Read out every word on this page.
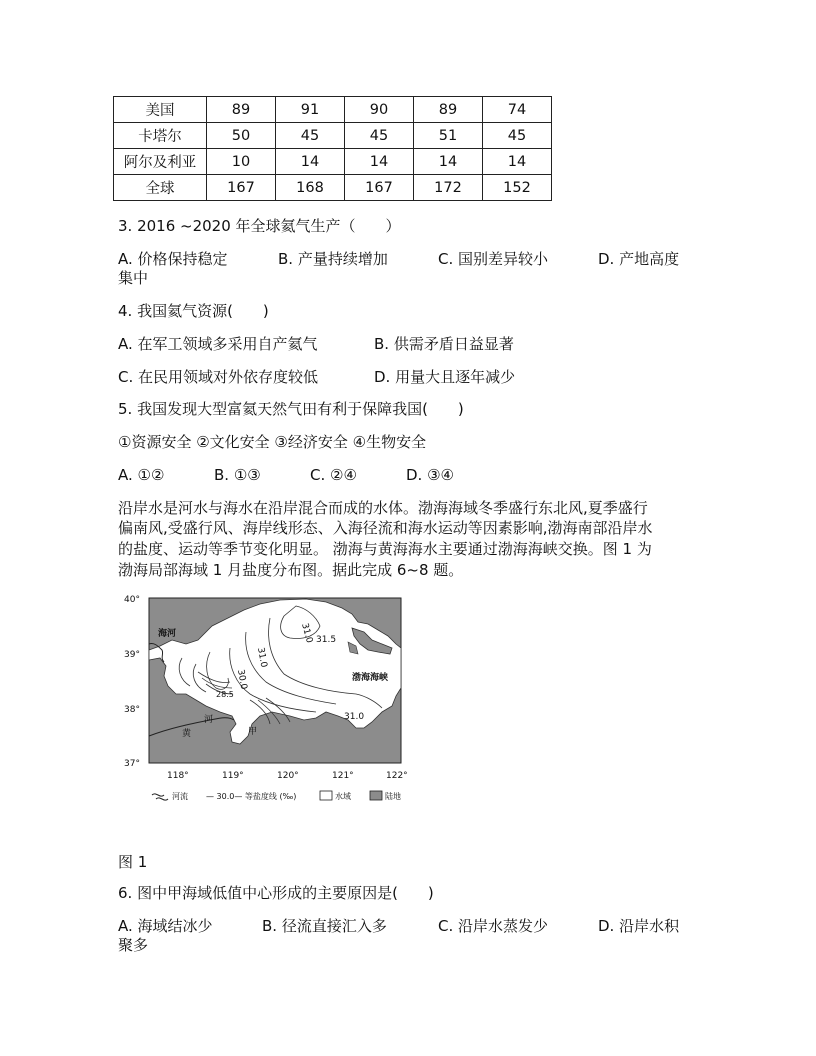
美国	89	91	90	89	74
卡塔尔	50	45	45	51	45
阿尔及利亚	10	14	14	14	14
全球	167	168	167	172	152
3. 2016 ~2020 年全球氦气生产（　　）
A. 价格保持稳定	B. 产量持续增加	C. 国别差异较小	D. 产地高度
集中
4. 我国氦气资源(　　)
A. 在军工领域多采用自产氦气	B. 供需矛盾日益显著
C. 在民用领域对外依存度较低	D. 用量大且逐年减少
5. 我国发现大型富氦天然气田有利于保障我国(　　)
①资源安全 ②文化安全 ③经济安全 ④生物安全
A. ①②	B. ①③	C. ②④	D. ③④
沿岸水是河水与海水在沿岸混合而成的水体。渤海海域冬季盛行东北风,夏季盛行
偏南风,受盛行风、海岸线形态、入海径流和海水运动等因素影响,渤海南部沿岸水
的盐度、运动等季节变化明显。 渤海与黄海海水主要通过渤海海峡交换。图 1 为
渤海局部海域 1 月盐度分布图。据此完成 6~8 题。
31.5
31.0
31.0
30.0
28.5
31.0
海河
渤海海峡
河
黄	甲
40°
39°
38°
37°
118°	119°	120°	121°	122°
河流 — 30.0— 等盐度线 (‰)	水域	陆地
图 1
6. 图中甲海域低值中心形成的主要原因是(　　)
A. 海域结冰少	B. 径流直接汇入多	C. 沿岸水蒸发少	D. 沿岸水积
聚多
